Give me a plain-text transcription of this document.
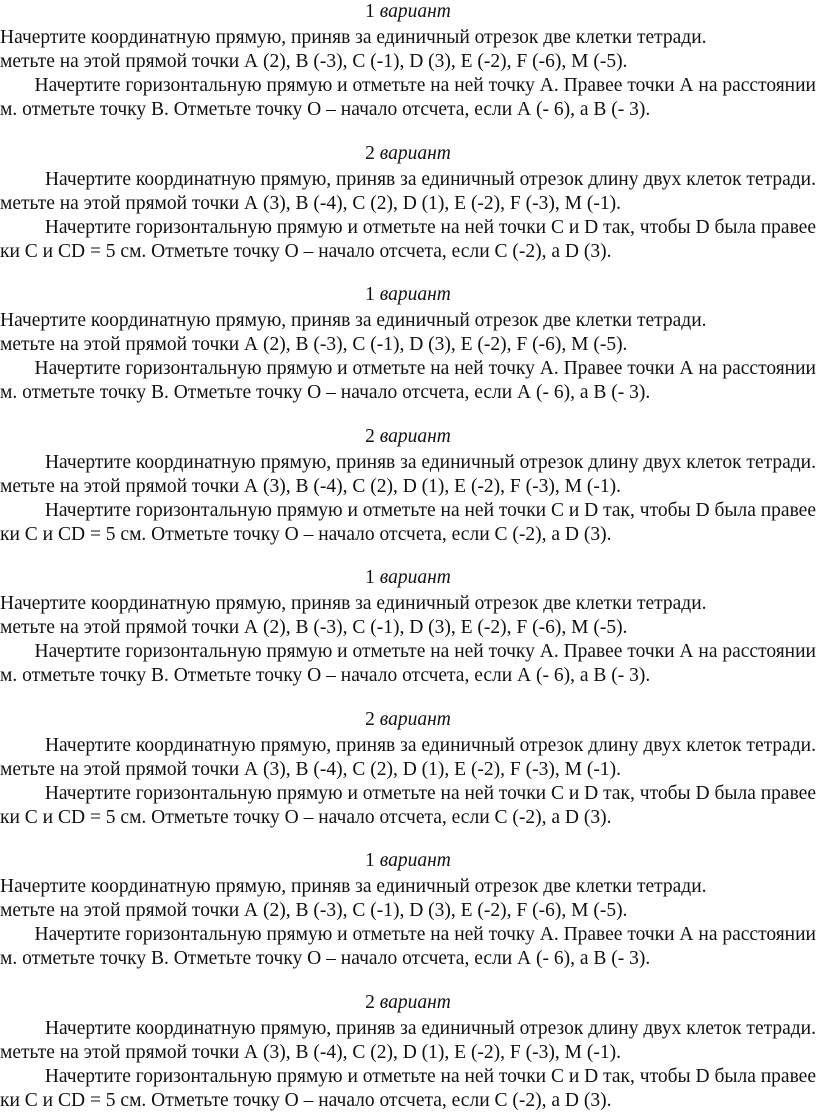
1 вариант
Начертите координатную прямую, приняв за единичный отрезок две клетки тетради.
метьте на этой прямой точки А (2), В (-3), С (-1), D (3), Е (-2), F (-6), М (-5).
Начертите горизонтальную прямую и отметьте на ней точку А. Правее точки А на расстоянии
м. отметьте точку В. Отметьте точку О – начало отсчета, если А (- 6), а В (- 3).
2 вариант
Начертите координатную прямую, приняв за единичный отрезок длину двух клеток тетради.
метьте на этой прямой точки А (3), В (-4), С (2), D (1), Е (-2), F (-3), М (-1).
Начертите горизонтальную прямую и отметьте на ней точки С и D так, чтобы D была правее
ки С и CD = 5 см. Отметьте точку О – начало отсчета, если С (-2), а D (3).
1 вариант
Начертите координатную прямую, приняв за единичный отрезок две клетки тетради.
метьте на этой прямой точки А (2), В (-3), С (-1), D (3), Е (-2), F (-6), М (-5).
Начертите горизонтальную прямую и отметьте на ней точку А. Правее точки А на расстоянии
м. отметьте точку В. Отметьте точку О – начало отсчета, если А (- 6), а В (- 3).
2 вариант
Начертите координатную прямую, приняв за единичный отрезок длину двух клеток тетради.
метьте на этой прямой точки А (3), В (-4), С (2), D (1), Е (-2), F (-3), М (-1).
Начертите горизонтальную прямую и отметьте на ней точки С и D так, чтобы D была правее
ки С и CD = 5 см. Отметьте точку О – начало отсчета, если С (-2), а D (3).
1 вариант
Начертите координатную прямую, приняв за единичный отрезок две клетки тетради.
метьте на этой прямой точки А (2), В (-3), С (-1), D (3), Е (-2), F (-6), М (-5).
Начертите горизонтальную прямую и отметьте на ней точку А. Правее точки А на расстоянии
м. отметьте точку В. Отметьте точку О – начало отсчета, если А (- 6), а В (- 3).
2 вариант
Начертите координатную прямую, приняв за единичный отрезок длину двух клеток тетради.
метьте на этой прямой точки А (3), В (-4), С (2), D (1), Е (-2), F (-3), М (-1).
Начертите горизонтальную прямую и отметьте на ней точки С и D так, чтобы D была правее
ки С и CD = 5 см. Отметьте точку О – начало отсчета, если С (-2), а D (3).
1 вариант
Начертите координатную прямую, приняв за единичный отрезок две клетки тетради.
метьте на этой прямой точки А (2), В (-3), С (-1), D (3), Е (-2), F (-6), М (-5).
Начертите горизонтальную прямую и отметьте на ней точку А. Правее точки А на расстоянии
м. отметьте точку В. Отметьте точку О – начало отсчета, если А (- 6), а В (- 3).
2 вариант
Начертите координатную прямую, приняв за единичный отрезок длину двух клеток тетради.
метьте на этой прямой точки А (3), В (-4), С (2), D (1), Е (-2), F (-3), М (-1).
Начертите горизонтальную прямую и отметьте на ней точки С и D так, чтобы D была правее
ки С и CD = 5 см. Отметьте точку О – начало отсчета, если С (-2), а D (3).
